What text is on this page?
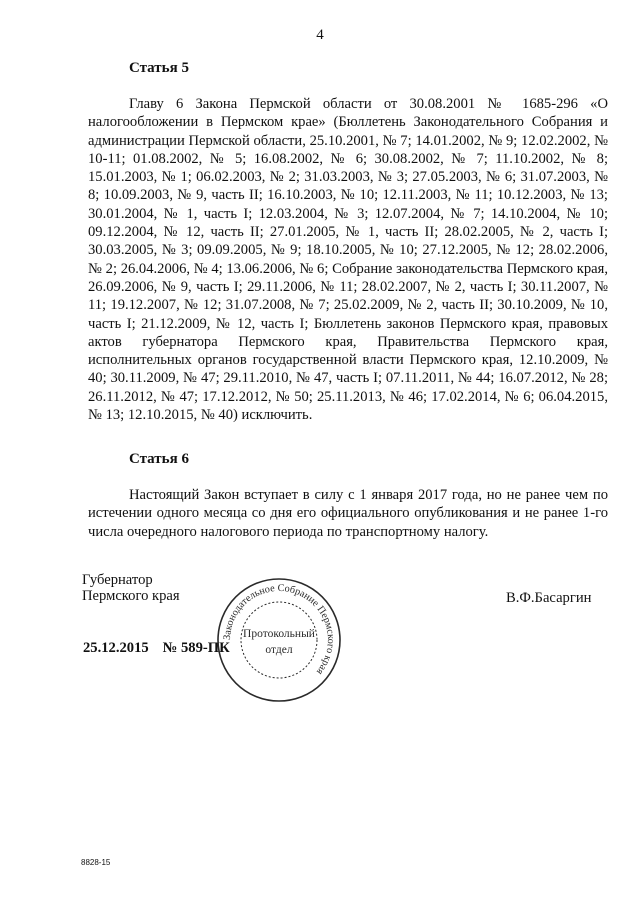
4
Статья 5

Главу 6 Закона Пермской области от 30.08.2001 № 1685-296 «О налогообложении в Пермском крае» (Бюллетень Законодательного Собрания и администрации Пермской области, 25.10.2001, № 7; 14.01.2002, № 9; 12.02.2002, № 10-11; 01.08.2002, № 5; 16.08.2002, № 6; 30.08.2002, № 7; 11.10.2002, № 8; 15.01.2003, № 1; 06.02.2003, № 2; 31.03.2003, № 3; 27.05.2003, № 6; 31.07.2003, № 8; 10.09.2003, № 9, часть II; 16.10.2003, № 10; 12.11.2003, № 11; 10.12.2003, № 13; 30.01.2004, № 1, часть I; 12.03.2004, № 3; 12.07.2004, № 7; 14.10.2004, № 10; 09.12.2004, № 12, часть II; 27.01.2005, № 1, часть II; 28.02.2005, № 2, часть I; 30.03.2005, № 3; 09.09.2005, № 9; 18.10.2005, № 10; 27.12.2005, № 12; 28.02.2006, № 2; 26.04.2006, № 4; 13.06.2006, № 6; Собрание законодательства Пермского края, 26.09.2006, № 9, часть I; 29.11.2006, № 11; 28.02.2007, № 2, часть I; 30.11.2007, № 11; 19.12.2007, № 12; 31.07.2008, № 7; 25.02.2009, № 2, часть II; 30.10.2009, № 10, часть I; 21.12.2009, № 12, часть I; Бюллетень законов Пермского края, правовых актов губернатора Пермского края, Правительства Пермского края, исполнительных органов государственной власти Пермского края, 12.10.2009, № 40; 30.11.2009, № 47; 29.11.2010, № 47, часть I; 07.11.2011, № 44; 16.07.2012, № 28; 26.11.2012, № 47; 17.12.2012, № 50; 25.11.2013, № 46; 17.02.2014, № 6; 06.04.2015, № 13; 12.10.2015, № 40) исключить.

Статья 6

Настоящий Закон вступает в силу с 1 января 2017 года, но не ранее чем по истечении одного месяца со дня его официального опубликования и не ранее 1-го числа очередного налогового периода по транспортному налогу.

Губернатор
Пермского края	В.Ф.Басаргин
25.12.2015 № 589-ПК
Законодательное Собрание Пермского края
Протокольный
отдел
8828-15
